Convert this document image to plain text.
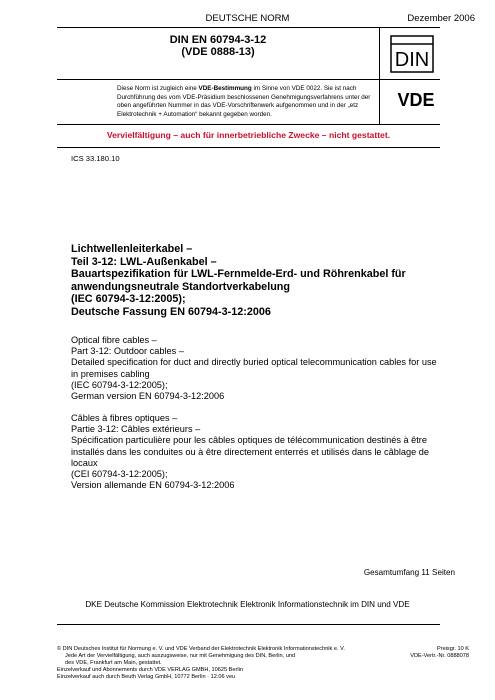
DEUTSCHE NORM	Dezember 2006
DIN EN 60794-3-12
(VDE 0888-13)
Diese Norm ist zugleich eine VDE-Bestimmung im Sinne von VDE 0022. Sie ist nach Durchführung des vom VDE-Präsidium beschlossenen Genehmigungsverfahrens unter der oben angeführten Nummer in das VDE-Vorschriftenwerk aufgenommen und in der „etz Elektrotechnik + Automation“ bekannt gegeben worden.
DIN
VDE
Vervielfältigung – auch für innerbetriebliche Zwecke – nicht gestattet.
ICS 33.180.10
Lichtwellenleiterkabel –
Teil 3-12: LWL-Außenkabel –
Bauartspezifikation für LWL-Fernmelde-Erd- und Röhrenkabel für anwendungsneutrale Standortverkabelung
(IEC 60794-3-12:2005);
Deutsche Fassung EN 60794-3-12:2006
Optical fibre cables –
Part 3-12: Outdoor cables –
Detailed specification for duct and directly buried optical telecommunication cables for use in premises cabling
(IEC 60794-3-12:2005);
German version EN 60794-3-12:2006
Câbles à fibres optiques –
Partie 3-12: Câbles extérieurs –
Spécification particulière pour les câbles optiques de télécommunication destinés à être installés dans les conduites ou à être directement enterrés et utilisés dans le câblage de locaux
(CEI 60794-3-12:2005);
Version allemande EN 60794-3-12:2006
Gesamtumfang 11 Seiten
DKE Deutsche Kommission Elektrotechnik Elektronik Informationstechnik im DIN und VDE
© DIN Deutsches Institut für Normung e. V. und VDE Verband der Elektrotechnik Elektronik Informationstechnik e. V.
Jede Art der Vervielfältigung, auch auszugsweise, nur mit Genehmigung des DIN, Berlin, und
des VDE, Frankfurt am Main, gestattet.
Einzelverkauf und Abonnements durch VDE VERLAG GMBH, 10625 Berlin
Einzelverkauf auch durch Beuth Verlag GmbH, 10772 Berlin · 12.06 veu
Preisgr. 10 K
VDE-Vertr.-Nr. 0888078
